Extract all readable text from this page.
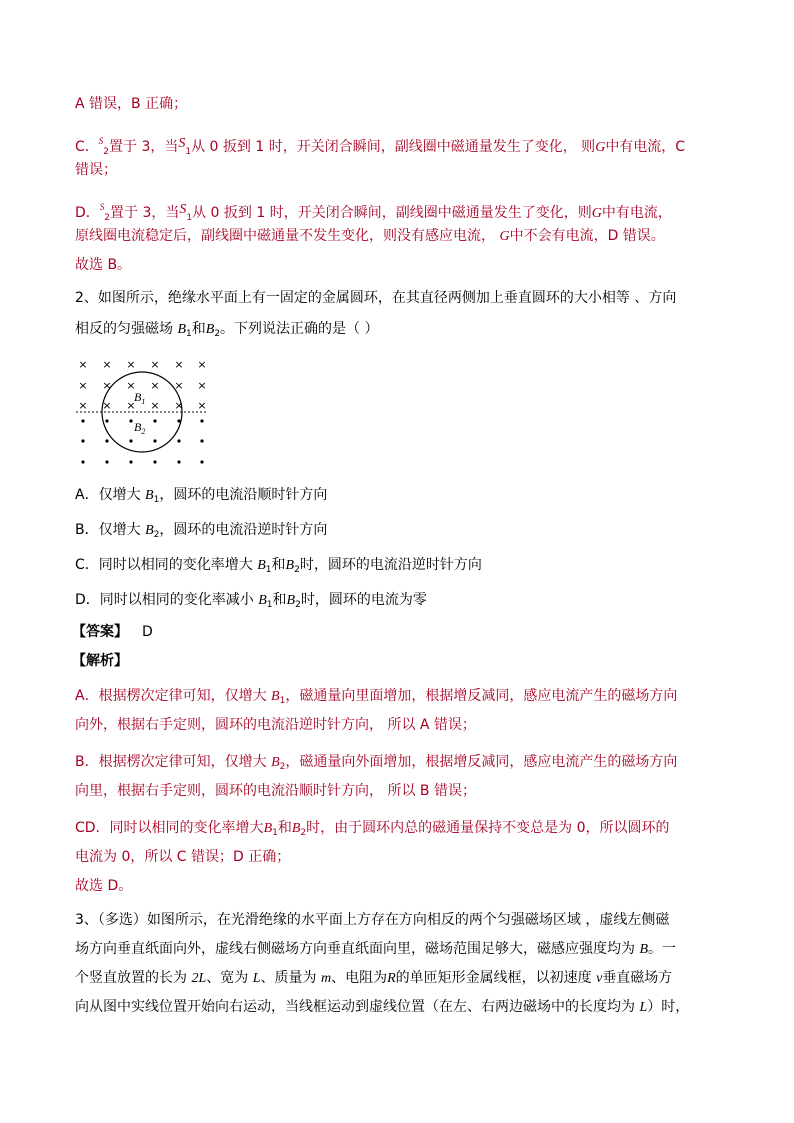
A 错误，B 正确；
C．$^S_2$置于 3，当$S_1$从 0 扳到 1 时，开关闭合瞬间，副线圈中磁通量发生了变化， 则G中有电流，C
错误；
D．$^S_2$置于 3，当$S_1$从 0 扳到 1 时，开关闭合瞬间，副线圈中磁通量发生了变化，则G中有电流，
原线圈电流稳定后，副线圈中磁通量不发生变化，则没有感应电流， G中不会有电流，D 错误。
故选 B。
2、如图所示，绝缘水平面上有一固定的金属圆环，在其直径两侧加上垂直圆环的大小相等 、方向
相反的匀强磁场 $B_1$和$B_2$。下列说法正确的是（ ）
× × × × × ×
× × × × × ×
× × × × × ×
$B_1$
$B_2$
A．仅增大 $B_1$，圆环的电流沿顺时针方向
B．仅增大 $B_2$，圆环的电流沿逆时针方向
C．同时以相同的变化率增大 $B_1$和$B_2$时，圆环的电流沿逆时针方向
D．同时以相同的变化率减小 $B_1$和$B_2$时，圆环的电流为零
【答案】 D
【解析】
A．根据楞次定律可知，仅增大 $B_1$，磁通量向里面增加，根据增反减同，感应电流产生的磁场方向
向外，根据右手定则，圆环的电流沿逆时针方向， 所以 A 错误；
B．根据楞次定律可知，仅增大 $B_2$，磁通量向外面增加，根据增反减同，感应电流产生的磁场方向
向里，根据右手定则，圆环的电流沿顺时针方向， 所以 B 错误；
CD．同时以相同的变化率增大$B_1$和$B_2$时，由于圆环内总的磁通量保持不变总是为 0，所以圆环的
电流为 0，所以 C 错误；D 正确；
故选 D。
3、（多选）如图所示，在光滑绝缘的水平面上方存在方向相反的两个匀强磁场区域 ，虚线左侧磁
场方向垂直纸面向外，虚线右侧磁场方向垂直纸面向里，磁场范围足够大，磁感应强度均为 B。一
个竖直放置的长为 2L、宽为 L、质量为 m、电阻为R的单匝矩形金属线框，以初速度 v垂直磁场方
向从图中实线位置开始向右运动，当线框运动到虚线位置（在左、右两边磁场中的长度均为 L）时，
